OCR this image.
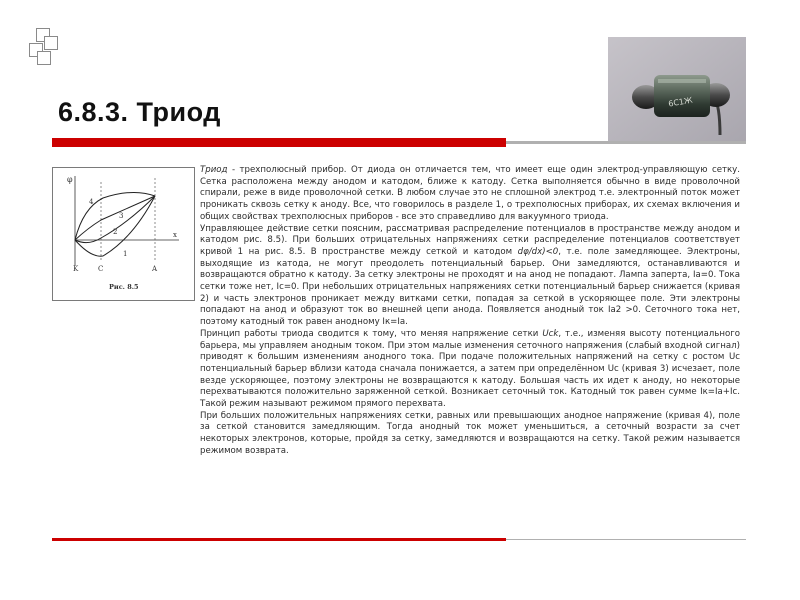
6С1Ж
6.8.3. Триод
φ
x
4
3
2
1
K	C	A
Рис. 8.5

Триод - трехполюсный прибор. От диода он отличается тем, что имеет еще один электрод-управляющую сетку. Сетка расположена между анодом и катодом, ближе к катоду. Сетка выполняется обычно в виде проволочной спирали, реже в виде проволочной сетки. В любом случае это не сплошной электрод т.е. электронный поток может проникать сквозь сетку к аноду. Все, что говорилось в разделе 1, о трехполюсных приборах, их схемах включения и общих свойствах трехполюсных приборов - все это справедливо для вакуумного триода.

Управляющее действие сетки поясним, рассматривая распределение потенциалов в пространстве между анодом и катодом рис. 8.5). При больших отрицательных напряжениях сетки распределение потенциалов соответствует кривой 1 на рис. 8.5. В пространстве между сеткой и катодом dφ/dx)<0, т.е. поле замедляющее. Электроны, выходящие из катода, не могут преодолеть потенциальный барьер. Они замедляются, останавливаются и возвращаются обратно к катоду. За сетку электроны не проходят и на анод не попадают. Лампа заперта, Ia=0. Тока сетки тоже нет, Ic=0. При небольших отрицательных напряжениях сетки потенциальный барьер снижается (кривая 2) и часть электронов проникает между витками сетки, попадая за сеткой в ускоряющее поле. Эти электроны попадают на анод и образуют ток во внешней цепи анода. Появляется анодный ток Ia2 >0. Сеточного тока нет, поэтому катодный ток равен анодному Iк=Ia.

Принцип работы триода сводится к тому, что меняя напряжение сетки Uck, т.е., изменяя высоту потенциального барьера, мы управляем анодным током. При этом малые изменения сеточного напряжения (слабый входной сигнал) приводят к большим изменениям анодного тока. При подаче положительных напряжений на сетку с ростом Uc потенциальный барьер вблизи катода сначала понижается, а затем при определённом Uc (кривая 3) исчезает, поле везде ускоряющее, поэтому электроны не возвращаются к катоду. Большая часть их идет к аноду, но некоторые перехватываются положительно заряженной сеткой. Возникает сеточный ток. Катодный ток равен сумме Iк=Ia+Ic. Такой режим называют режимом прямого перехвата.

При больших положительных напряжениях сетки, равных или превышающих анодное напряжение (кривая 4), поле за сеткой становится замедляющим. Тогда анодный ток может уменьшиться, а сеточный возрасти за счет некоторых электронов, которые, пройдя за сетку, замедляются и возвращаются на сетку. Такой режим называется режимом возврата.
